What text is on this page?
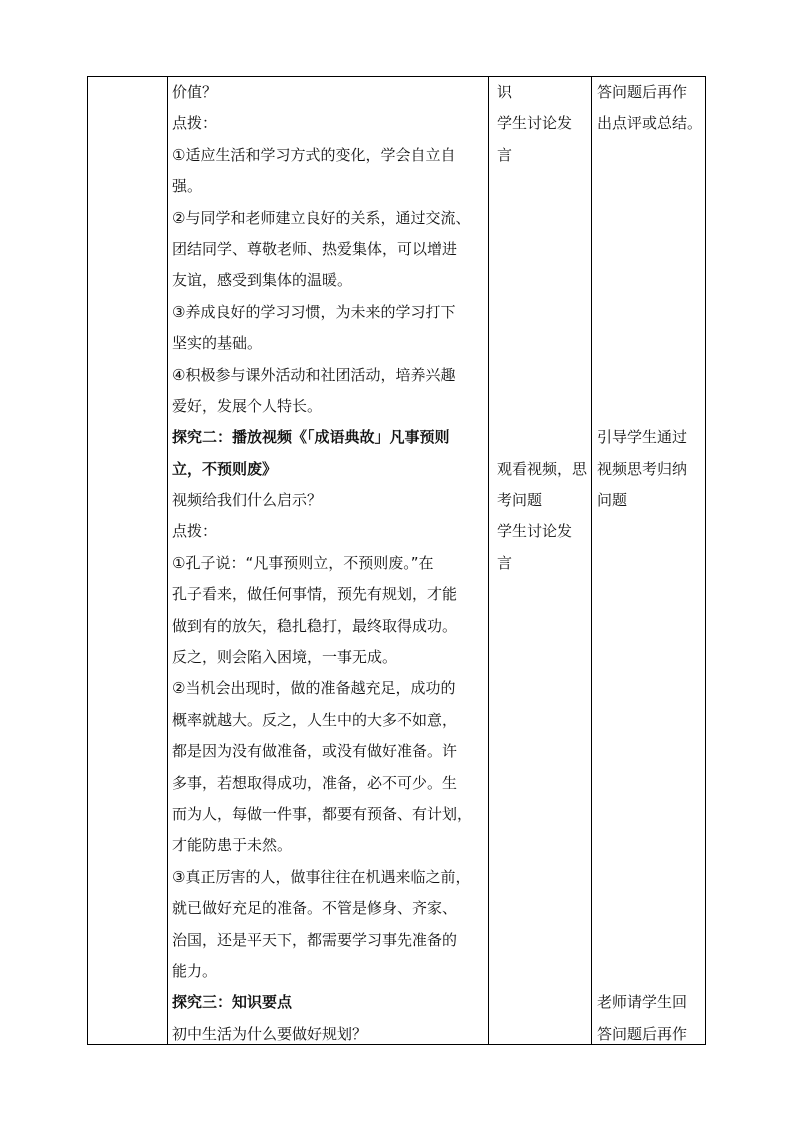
价值？
点拨：
①适应生活和学习方式的变化，学会自立自
强。
②与同学和老师建立良好的关系，通过交流、
团结同学、尊敬老师、热爱集体，可以增进
友谊，感受到集体的温暖。
③养成良好的学习习惯，为未来的学习打下
坚实的基础。
④积极参与课外活动和社团活动，培养兴趣
爱好，发展个人特长。
探究二：播放视频《「成语典故」凡事预则
立，不预则废》
视频给我们什么启示？
点拨：
①孔子说：“凡事预则立，不预则废。”在
孔子看来，做任何事情，预先有规划，才能
做到有的放矢，稳扎稳打，最终取得成功。
反之，则会陷入困境，一事无成。
②当机会出现时，做的准备越充足，成功的
概率就越大。反之，人生中的大多不如意，
都是因为没有做准备，或没有做好准备。许
多事，若想取得成功，准备，必不可少。生
而为人，每做一件事，都要有预备、有计划，
才能防患于未然。
③真正厉害的人，做事往往在机遇来临之前，
就已做好充足的准备。不管是修身、齐家、
治国，还是平天下，都需要学习事先准备的
能力。
探究三：知识要点
初中生活为什么要做好规划？
识
学生讨论发
言
观看视频，思
考问题
学生讨论发
言
答问题后再作
出点评或总结。
引导学生通过
视频思考归纳
问题
老师请学生回
答问题后再作
